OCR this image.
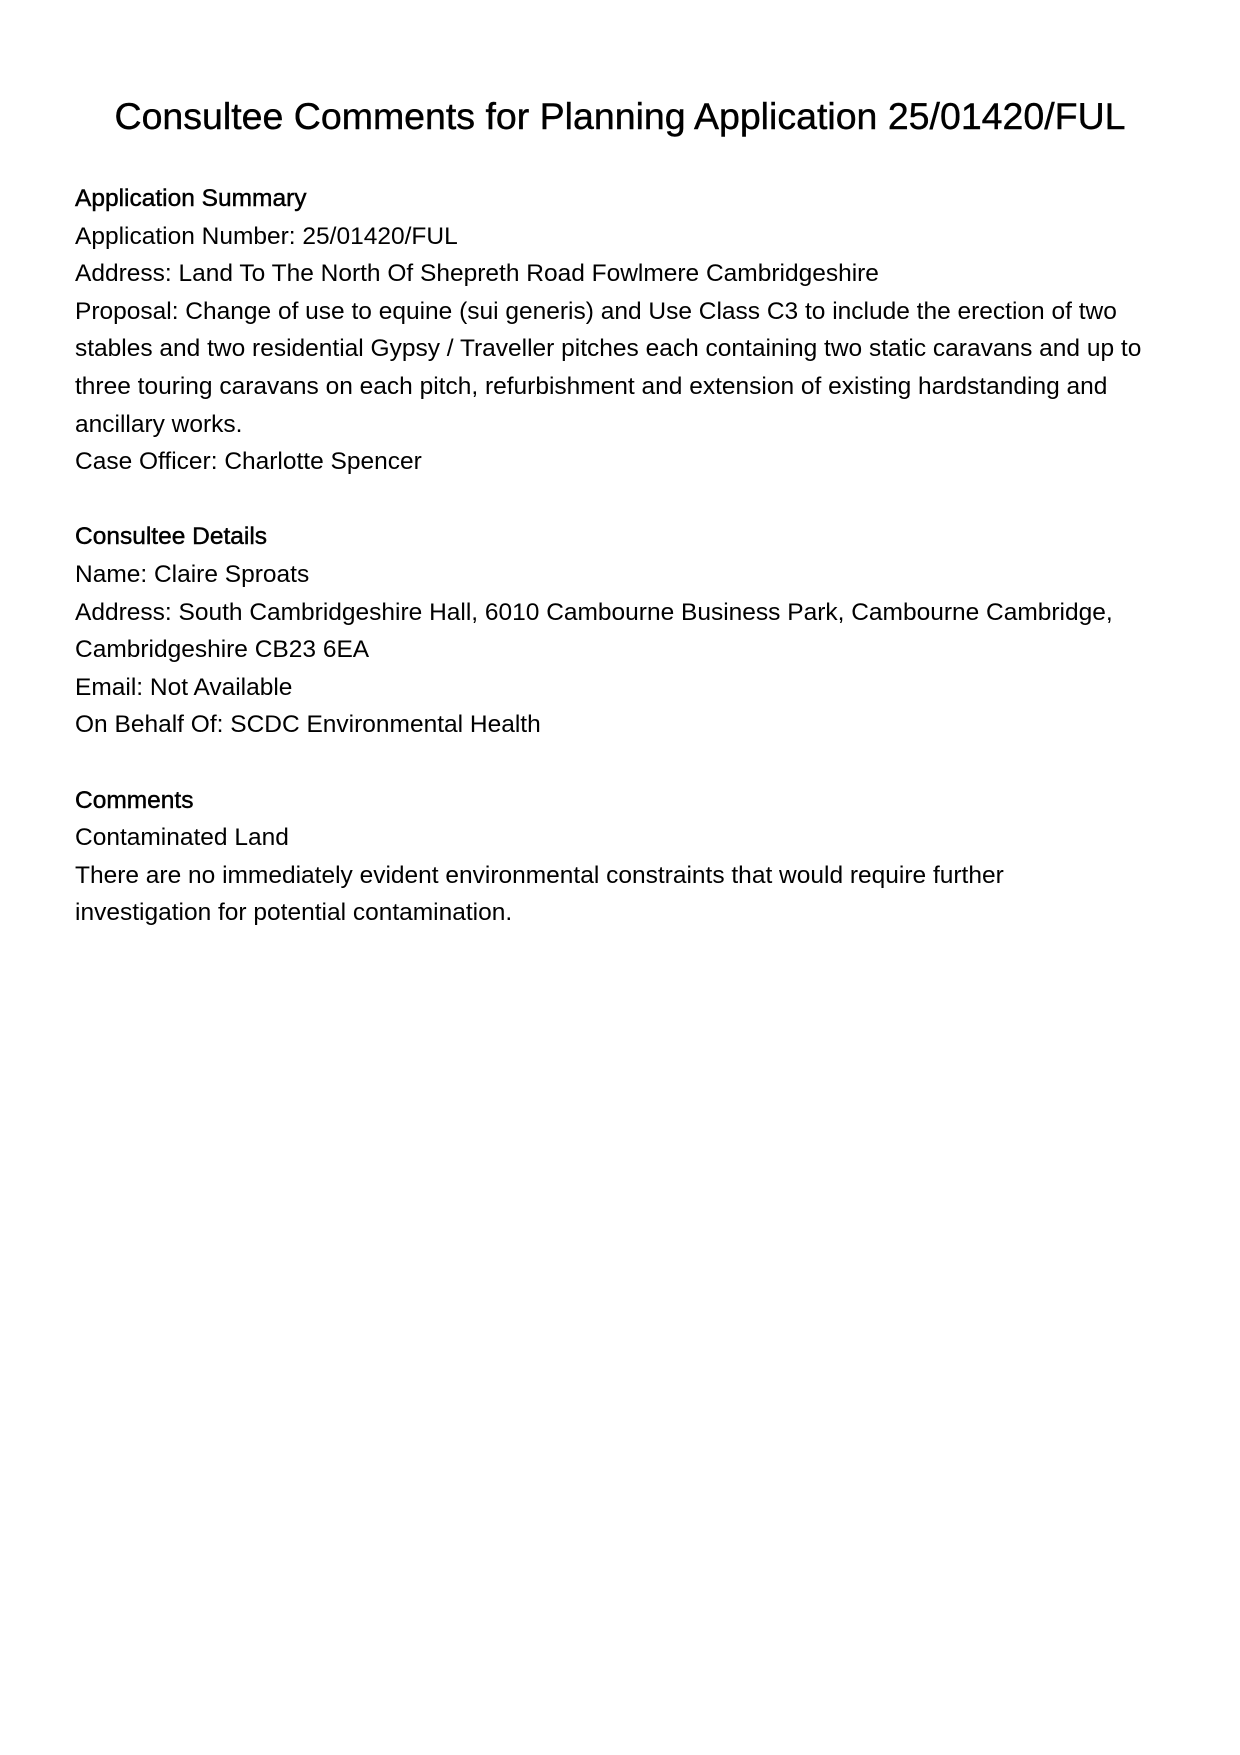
Consultee Comments for Planning Application 25/01420/FUL

Application Summary

Application Number: 25/01420/FUL

Address: Land To The North Of Shepreth Road Fowlmere Cambridgeshire

Proposal: Change of use to equine (sui generis) and Use Class C3 to include the erection of two

stables and two residential Gypsy / Traveller pitches each containing two static caravans and up to

three touring caravans on each pitch, refurbishment and extension of existing hardstanding and

ancillary works.

Case Officer: Charlotte Spencer

Consultee Details

Name: Claire Sproats

Address: South Cambridgeshire Hall, 6010 Cambourne Business Park, Cambourne Cambridge,

Cambridgeshire CB23 6EA

Email: Not Available

On Behalf Of: SCDC Environmental Health

Comments

Contaminated Land

There are no immediately evident environmental constraints that would require further

investigation for potential contamination.
